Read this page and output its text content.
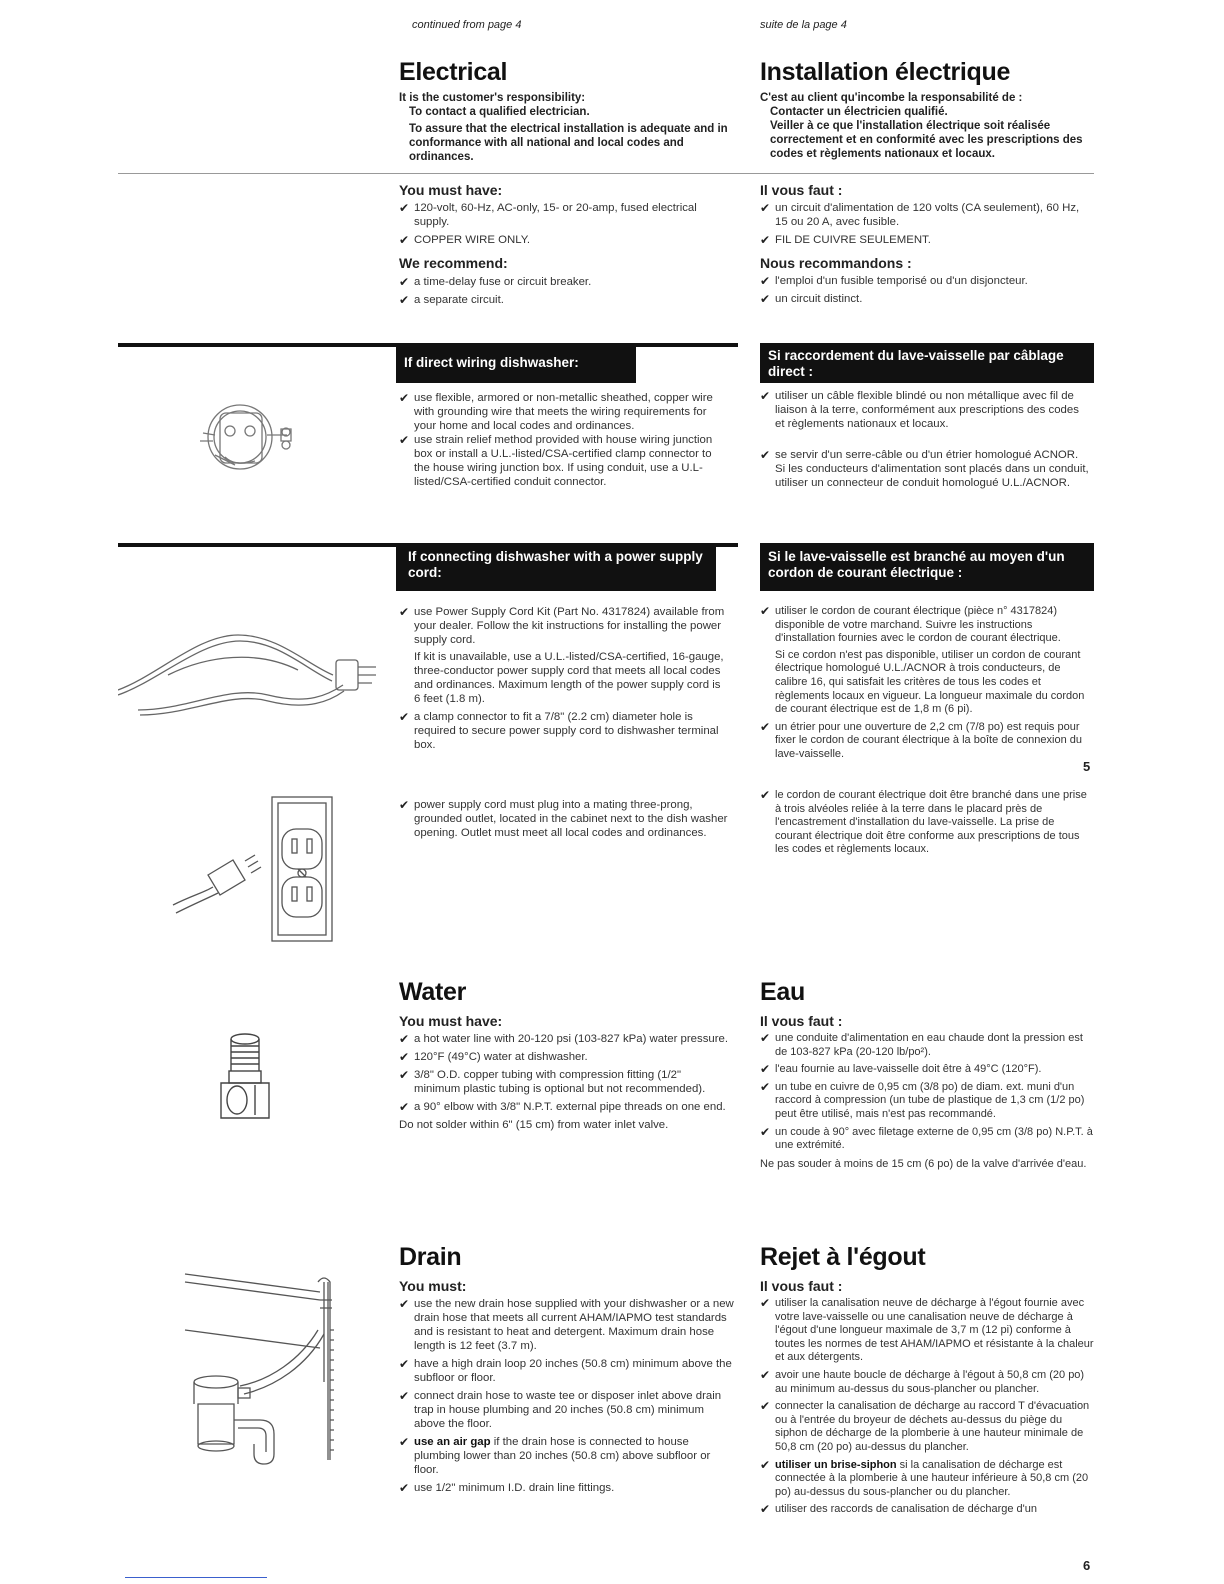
continued from page 4	suite de la page 4
Electrical
It is the customer's responsibility:
To contact a qualified electrician.
To assure that the electrical installation is adequate and in conformance with all national and local codes and ordinances.
Installation électrique
C'est au client qu'incombe la responsabilité de :
Contacter un électricien qualifié.
Veiller à ce que l'installation électrique soit réalisée correctement et en conformité avec les prescriptions des codes et règlements nationaux et locaux.
You must have:
✔ 120-volt, 60-Hz, AC-only, 15- or 20-amp, fused electrical supply.
✔ COPPER WIRE ONLY.
We recommend:
✔ a time-delay fuse or circuit breaker.
✔ a separate circuit.
Il vous faut :
✔ un circuit d'alimentation de 120 volts (CA seulement), 60 Hz, 15 ou 20 A, avec fusible.
✔ FIL DE CUIVRE SEULEMENT.
Nous recommandons :
✔ l'emploi d'un fusible temporisé ou d'un disjoncteur.
✔ un circuit distinct.
If direct wiring dishwasher:	Si raccordement du lave-vaisselle par câblage direct :
✔ use flexible, armored or non-metallic sheathed, copper wire with grounding wire that meets the wiring requirements for your home and local codes and ordinances.
✔ use strain relief method provided with house wiring junction box or install a U.L.-listed/CSA-certified clamp connector to the house wiring junction box. If using conduit, use a U.L-listed/CSA-certified conduit connector.
✔ utiliser un câble flexible blindé ou non métallique avec fil de liaison à la terre, conformément aux prescriptions des codes et règlements nationaux et locaux.
✔ se servir d'un serre-câble ou d'un étrier homologué ACNOR. Si les conducteurs d'alimentation sont placés dans un conduit, utiliser un connecteur de conduit homologué U.L./ACNOR.
If connecting dishwasher with a power supply cord:
Si le lave-vaisselle est branché au moyen d'un cordon de courant électrique :
✔ use Power Supply Cord Kit (Part No. 4317824) available from your dealer. Follow the kit instructions for installing the power supply cord.
If kit is unavailable, use a U.L.-listed/CSA-certified, 16-gauge, three-conductor power supply cord that meets all local codes and ordinances. Maximum length of the power supply cord is 6 feet (1.8 m).
✔ a clamp connector to fit a 7/8" (2.2 cm) diameter hole is required to secure power supply cord to dishwasher terminal box.
✔ utiliser le cordon de courant électrique (pièce n° 4317824) disponible de votre marchand. Suivre les instructions d'installation fournies avec le cordon de courant électrique.
Si ce cordon n'est pas disponible, utiliser un cordon de courant électrique homologué U.L./ACNOR à trois conducteurs, de calibre 16, qui satisfait les critères de tous les codes et règlements locaux en vigueur. La longueur maximale du cordon de courant électrique est de 1,8 m (6 pi).
✔ un étrier pour une ouverture de 2,2 cm (7/8 po) est requis pour fixer le cordon de courant électrique à la boîte de connexion du lave-vaisselle.
5
✔ power supply cord must plug into a mating three-prong, grounded outlet, located in the cabinet next to the dish washer opening. Outlet must meet all local codes and ordinances.
✔ le cordon de courant électrique doit être branché dans une prise à trois alvéoles reliée à la terre dans le placard près de l'encastrement d'installation du lave-vaisselle. La prise de courant électrique doit être conforme aux prescriptions de tous les codes et règlements locaux.
Water
You must have:
✔ a hot water line with 20-120 psi (103-827 kPa) water pressure.
✔ 120°F (49°C) water at dishwasher.
✔ 3/8" O.D. copper tubing with compression fitting (1/2" minimum plastic tubing is optional but not recommended).
✔ a 90° elbow with 3/8" N.P.T. external pipe threads on one end.
Do not solder within 6" (15 cm) from water inlet valve.
Eau
Il vous faut :
✔ une conduite d'alimentation en eau chaude dont la pression est de 103-827 kPa (20-120 lb/po²).
✔ l'eau fournie au lave-vaisselle doit être à 49°C (120°F).
✔ un tube en cuivre de 0,95 cm (3/8 po) de diam. ext. muni d'un raccord à compression (un tube de plastique de 1,3 cm (1/2 po) peut être utilisé, mais n'est pas recommandé.
✔ un coude à 90° avec filetage externe de 0,95 cm (3/8 po) N.P.T. à une extrémité.
Ne pas souder à moins de 15 cm (6 po) de la valve d'arrivée d'eau.
Drain
You must:
✔ use the new drain hose supplied with your dishwasher or a new drain hose that meets all current AHAM/IAPMO test standards and is resistant to heat and detergent. Maximum drain hose length is 12 feet (3.7 m).
✔ have a high drain loop 20 inches (50.8 cm) minimum above the subfloor or floor.
✔ connect drain hose to waste tee or disposer inlet above drain trap in house plumbing and 20 inches (50.8 cm) minimum above the floor.
✔ use an air gap if the drain hose is connected to house plumbing lower than 20 inches (50.8 cm) above subfloor or floor.
✔ use 1/2" minimum I.D. drain line fittings.
Rejet à l'égout
Il vous faut :
✔ utiliser la canalisation neuve de décharge à l'égout fournie avec votre lave-vaisselle ou une canalisation neuve de décharge à l'égout d'une longueur maximale de 3,7 m (12 pi) conforme à toutes les normes de test AHAM/IAPMO et résistante à la chaleur et aux détergents.
✔ avoir une haute boucle de décharge à l'égout à 50,8 cm (20 po) au minimum au-dessus du sous-plancher ou plancher.
✔ connecter la canalisation de décharge au raccord T d'évacuation ou à l'entrée du broyeur de déchets au-dessus du piège du siphon de décharge de la plomberie à une hauteur minimale de 50,8 cm (20 po) au-dessus du plancher.
✔ utiliser un brise-siphon si la canalisation de décharge est connectée à la plomberie à une hauteur inférieure à 50,8 cm (20 po) au-dessus du sous-plancher ou du plancher.
✔ utiliser des raccords de canalisation de décharge d'un
6
